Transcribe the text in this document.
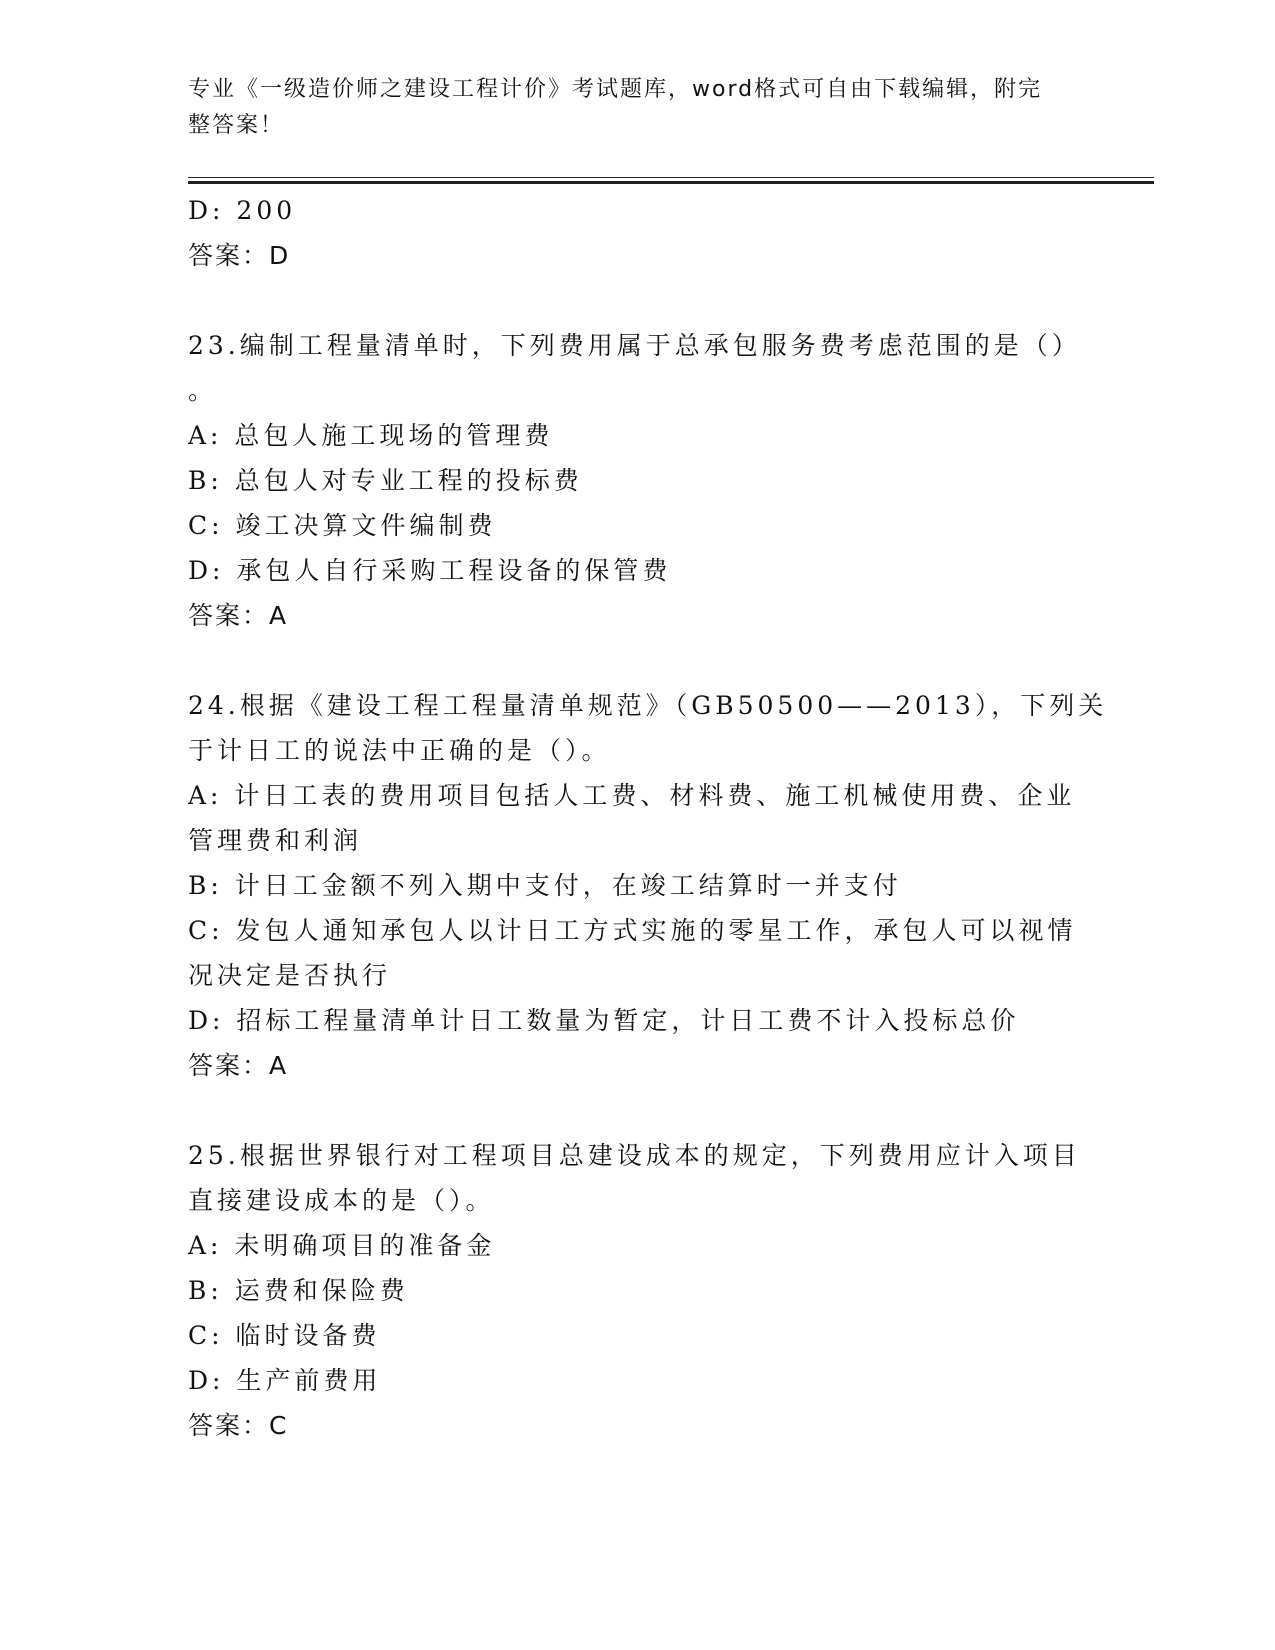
专业《一级造价师之建设工程计价》考试题库，word格式可自由下载编辑，附完
整答案！
D: 200
答案：D
23.编制工程量清单时，下列费用属于总承包服务费考虑范围的是（）
。
A: 总包人施工现场的管理费
B: 总包人对专业工程的投标费
C: 竣工决算文件编制费
D: 承包人自行采购工程设备的保管费
答案：A
24.根据《建设工程工程量清单规范》（GB50500——2013），下列关
于计日工的说法中正确的是（）。
A: 计日工表的费用项目包括人工费、材料费、施工机械使用费、企业
管理费和利润
B: 计日工金额不列入期中支付，在竣工结算时一并支付
C: 发包人通知承包人以计日工方式实施的零星工作，承包人可以视情
况决定是否执行
D: 招标工程量清单计日工数量为暂定，计日工费不计入投标总价
答案：A
25.根据世界银行对工程项目总建设成本的规定，下列费用应计入项目
直接建设成本的是（）。
A: 未明确项目的准备金
B: 运费和保险费
C: 临时设备费
D: 生产前费用
答案：C
